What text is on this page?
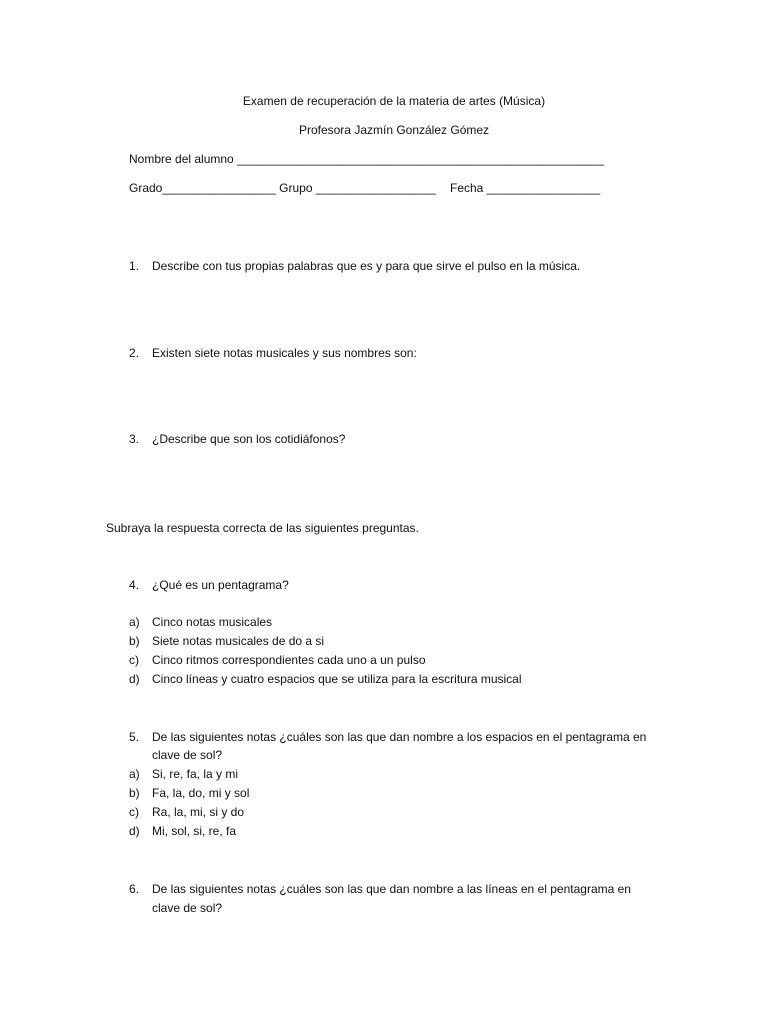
Examen de recuperación de la materia de artes (Música)
Profesora Jazmín González Gómez
Nombre del alumno _______________________________________________________
Grado_________________ Grupo __________________ Fecha _________________
1. Describe con tus propias palabras que es y para que sirve el pulso en la música.
2. Existen siete notas musicales y sus nombres son:
3. ¿Describe que son los cotidiáfonos?
Subraya la respuesta correcta de las siguientes preguntas.
4. ¿Qué es un pentagrama?
a) Cinco notas musicales
b) Siete notas musicales de do a si
c) Cinco ritmos correspondientes cada uno a un pulso
d) Cinco líneas y cuatro espacios que se utiliza para la escritura musical
5. De las siguientes notas ¿cuáles son las que dan nombre a los espacios en el pentagrama en
clave de sol?
a) Si, re, fa, la y mi
b) Fa, la, do, mi y sol
c) Ra, la, mi, si y do
d) Mi, sol, si, re, fa
6. De las siguientes notas ¿cuáles son las que dan nombre a las líneas en el pentagrama en
clave de sol?
